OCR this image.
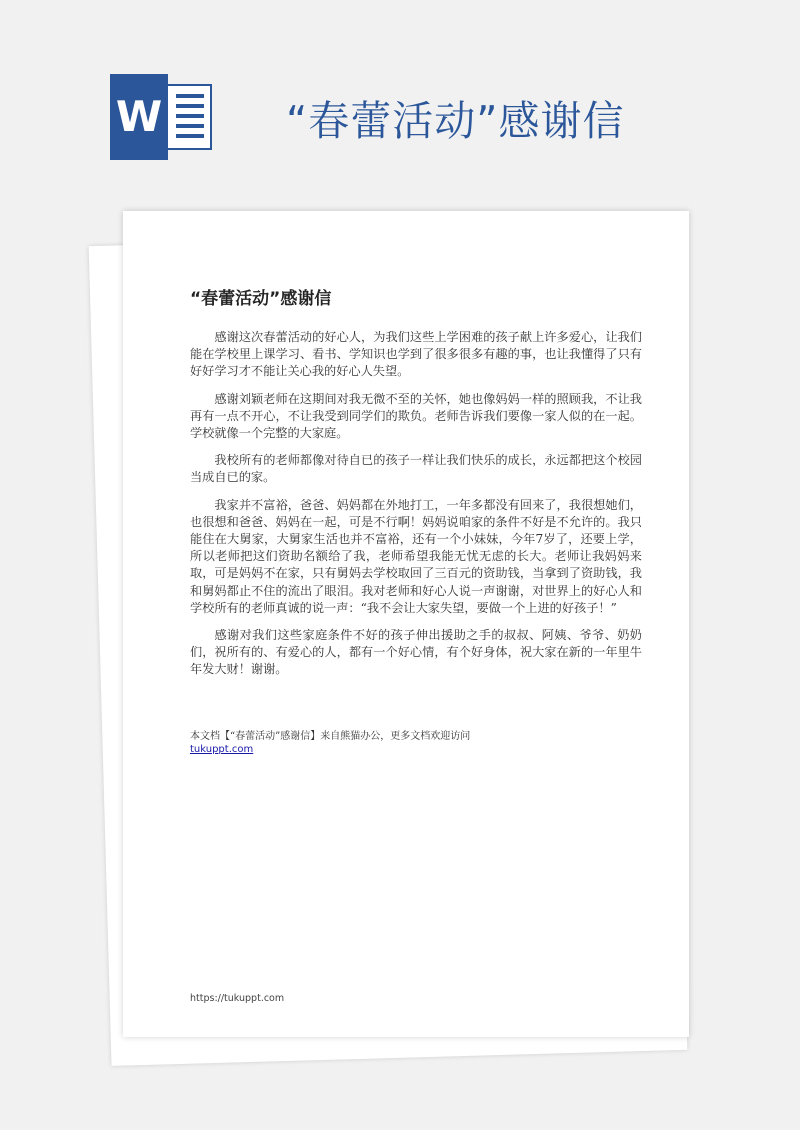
W	“春蕾活动”感谢信
“春蕾活动”感谢信

感谢这次春蕾活动的好心人，为我们这些上学困难的孩子献上许多爱心，让我们能在学校里上课学习、看书、学知识也学到了很多很多有趣的事，也让我懂得了只有好好学习才不能让关心我的好心人失望。

感谢刘颖老师在这期间对我无微不至的关怀，她也像妈妈一样的照顾我，不让我再有一点不开心，不让我受到同学们的欺负。老师告诉我们要像一家人似的在一起。学校就像一个完整的大家庭。

我校所有的老师都像对待自已的孩子一样让我们快乐的成长，永远都把这个校园当成自已的家。

我家并不富裕，爸爸、妈妈都在外地打工，一年多都没有回来了，我很想她们，也很想和爸爸、妈妈在一起，可是不行啊！妈妈说咱家的条件不好是不允许的。我只能住在大舅家，大舅家生活也并不富裕，还有一个小妹妹，今年7岁了，还要上学，所以老师把这们资助名额给了我，老师希望我能无忧无虑的长大。老师让我妈妈来取，可是妈妈不在家，只有舅妈去学校取回了三百元的资助钱，当拿到了资助钱，我和舅妈都止不住的流出了眼泪。我对老师和好心人说一声谢谢，对世界上的好心人和学校所有的老师真诚的说一声：“我不会让大家失望，要做一个上进的好孩子！”

感谢对我们这些家庭条件不好的孩子伸出援助之手的叔叔、阿姨、爷爷、奶奶们，祝所有的、有爱心的人，都有一个好心情，有个好身体，祝大家在新的一年里牛年发大财！谢谢。

本文档【“春蕾活动”感谢信】来自熊猫办公，更多文档欢迎访问
tukuppt.com
https://tukuppt.com
